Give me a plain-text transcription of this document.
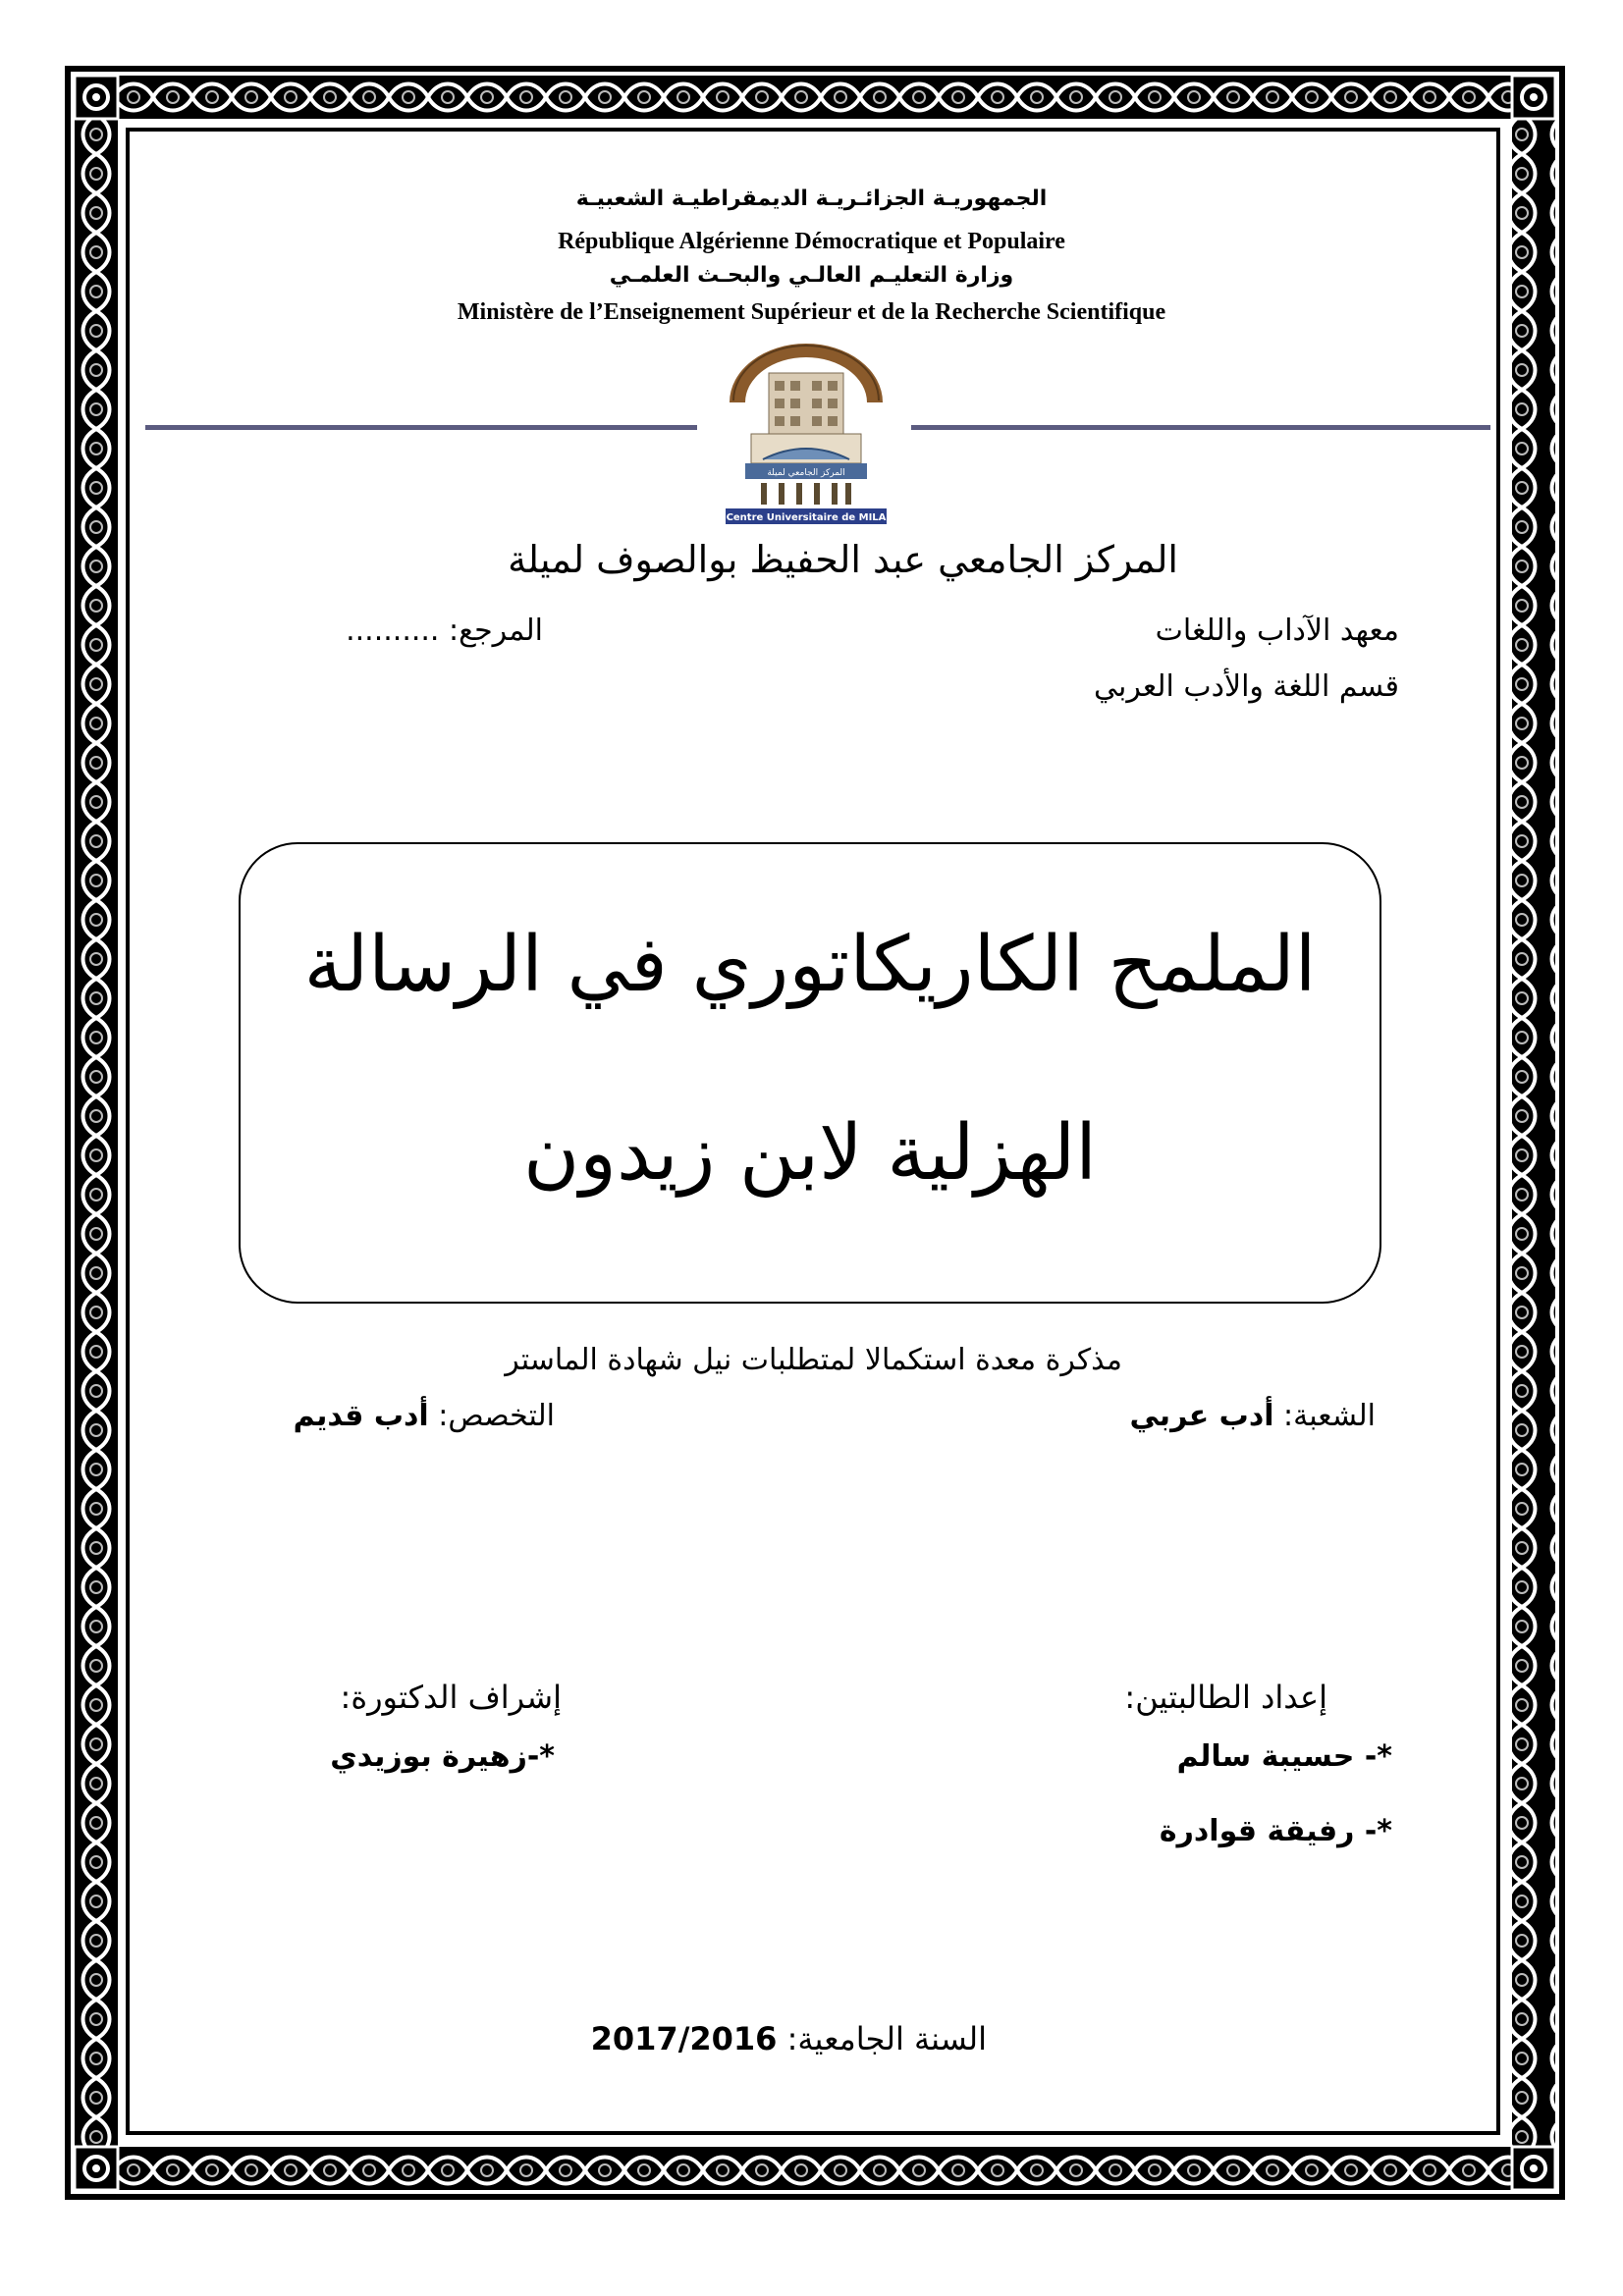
الجمهوريـة الجزائـريـة الديمقراطيـة الشعبيـة
République Algérienne Démocratique et Populaire
وزارة التعليـم العالـي والبحـث العلمـي
Ministère de l’Enseignement Supérieur et de la Recherche Scientifique
المركز الجامعي لميلة
Centre Universitaire de MILA
المركز الجامعي عبد الحفيظ بوالصوف لميلة
معهد الآداب واللغات
المرجع: ..........
قسم اللغة والأدب العربي
الملمح الكاريكاتوري في الرسالة
الهزلية لابن زيدون
مذكرة معدة استكمالا لمتطلبات نيل شهادة الماستر
الشعبة: أدب عربي
التخصص: أدب قديم
إعداد الطالبتين:
إشراف الدكتورة:
*- حسيبة سالم
*-زهيرة بوزيدي
*- رفيقة قوادرة
السنة الجامعية: 2017/2016
